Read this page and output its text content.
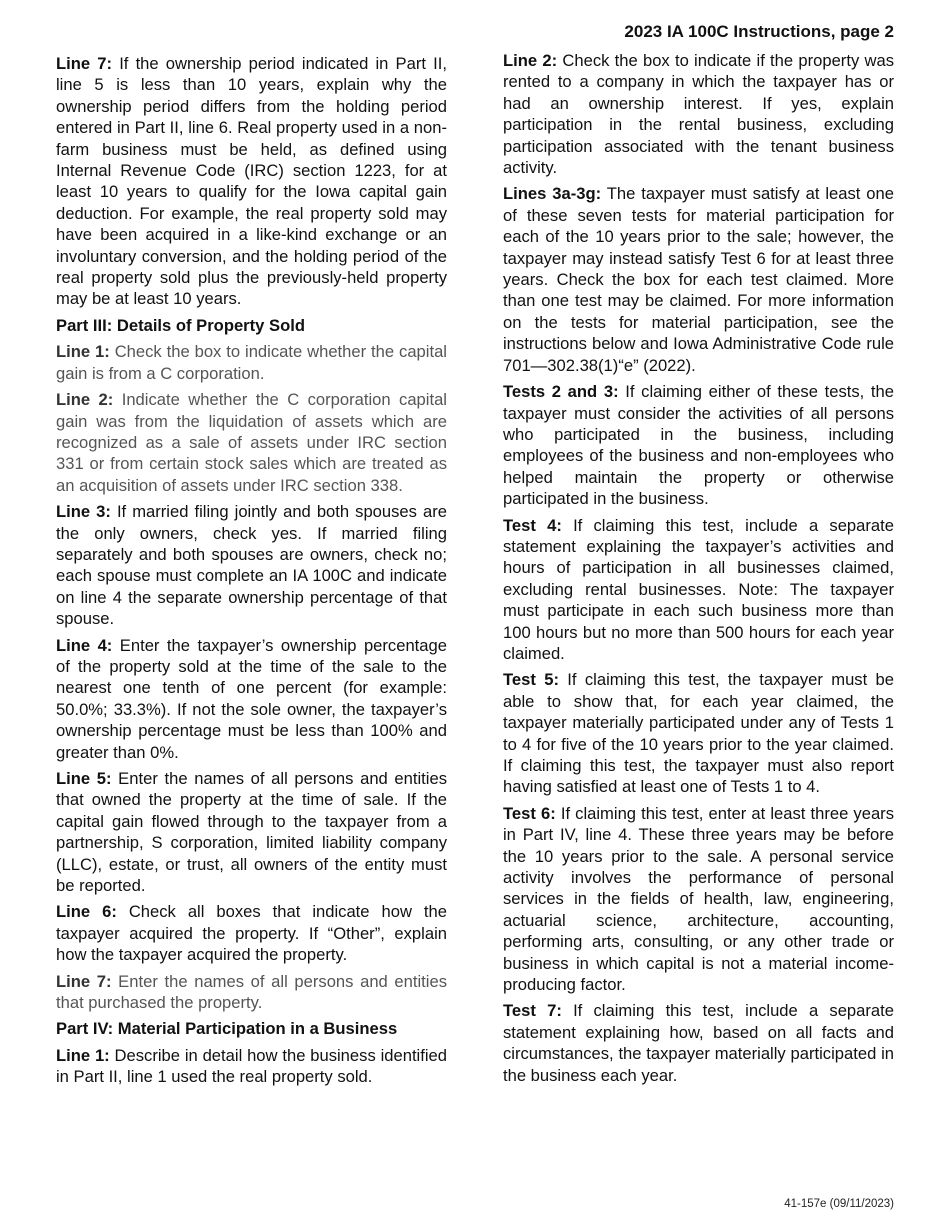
2023 IA 100C Instructions, page 2

Line 7: If the ownership period indicated in Part II, line 5 is less than 10 years, explain why the ownership period differs from the holding period entered in Part II, line 6. Real property used in a non-farm business must be held, as defined using Internal Revenue Code (IRC) section 1223, for at least 10 years to qualify for the Iowa capital gain deduction. For example, the real property sold may have been acquired in a like-kind exchange or an involuntary conversion, and the holding period of the real property sold plus the previously-held property may be at least 10 years.

Part III: Details of Property Sold

Line 1: Check the box to indicate whether the capital gain is from a C corporation.

Line 2: Indicate whether the C corporation capital gain was from the liquidation of assets which are recognized as a sale of assets under IRC section 331 or from certain stock sales which are treated as an acquisition of assets under IRC section 338.

Line 3: If married filing jointly and both spouses are the only owners, check yes. If married filing separately and both spouses are owners, check no; each spouse must complete an IA 100C and indicate on line 4 the separate ownership percentage of that spouse.

Line 4: Enter the taxpayer’s ownership percentage of the property sold at the time of the sale to the nearest one tenth of one percent (for example: 50.0%; 33.3%). If not the sole owner, the taxpayer’s ownership percentage must be less than 100% and greater than 0%.

Line 5: Enter the names of all persons and entities that owned the property at the time of sale. If the capital gain flowed through to the taxpayer from a partnership, S corporation, limited liability company (LLC), estate, or trust, all owners of the entity must be reported.

Line 6: Check all boxes that indicate how the taxpayer acquired the property. If “Other”, explain how the taxpayer acquired the property.

Line 7: Enter the names of all persons and entities that purchased the property.

Part IV: Material Participation in a Business

Line 1: Describe in detail how the business identified in Part II, line 1 used the real property sold.

Line 2: Check the box to indicate if the property was rented to a company in which the taxpayer has or had an ownership interest. If yes, explain participation in the rental business, excluding participation associated with the tenant business activity.

Lines 3a-3g: The taxpayer must satisfy at least one of these seven tests for material participation for each of the 10 years prior to the sale; however, the taxpayer may instead satisfy Test 6 for at least three years. Check the box for each test claimed. More than one test may be claimed. For more information on the tests for material participation, see the instructions below and Iowa Administrative Code rule 701—302.38(1)“e” (2022).

Tests 2 and 3: If claiming either of these tests, the taxpayer must consider the activities of all persons who participated in the business, including employees of the business and non-employees who helped maintain the property or otherwise participated in the business.

Test 4: If claiming this test, include a separate statement explaining the taxpayer’s activities and hours of participation in all businesses claimed, excluding rental businesses. Note: The taxpayer must participate in each such business more than 100 hours but no more than 500 hours for each year claimed.

Test 5: If claiming this test, the taxpayer must be able to show that, for each year claimed, the taxpayer materially participated under any of Tests 1 to 4 for five of the 10 years prior to the year claimed. If claiming this test, the taxpayer must also report having satisfied at least one of Tests 1 to 4.

Test 6: If claiming this test, enter at least three years in Part IV, line 4. These three years may be before the 10 years prior to the sale. A personal service activity involves the performance of personal services in the fields of health, law, engineering, actuarial science, architecture, accounting, performing arts, consulting, or any other trade or business in which capital is not a material income-producing factor.

Test 7: If claiming this test, include a separate statement explaining how, based on all facts and circumstances, the taxpayer materially participated in the business each year.

41-157e (09/11/2023)
